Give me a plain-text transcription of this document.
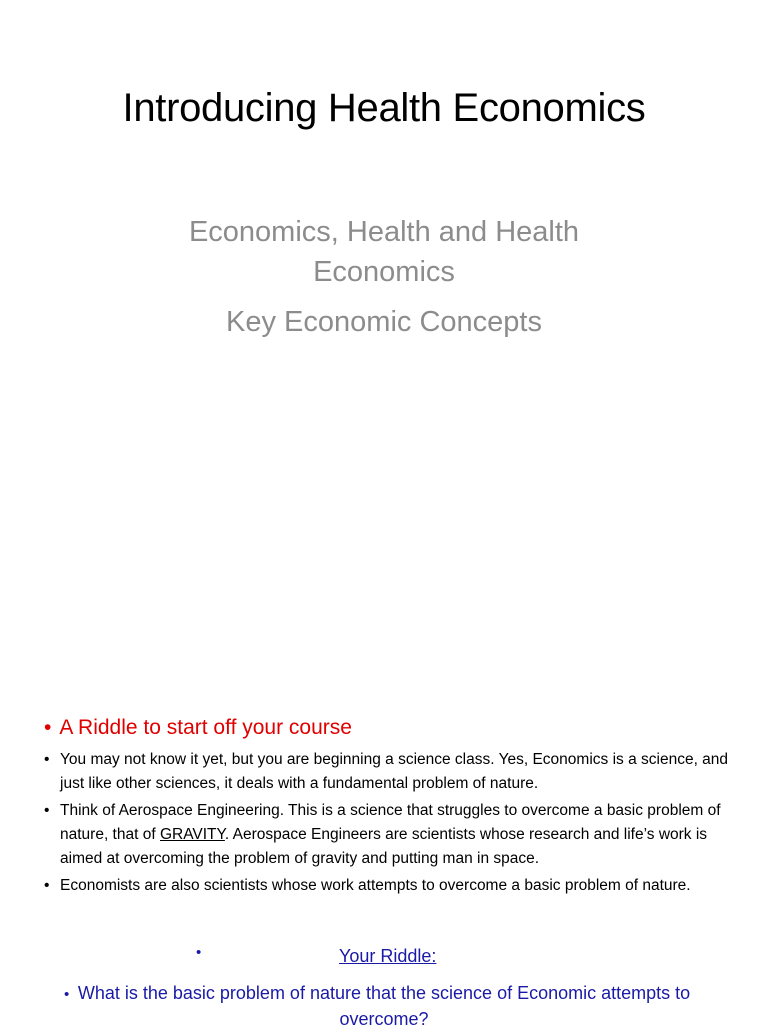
Introducing Health Economics
Economics, Health and Health
Economics
Key Economic Concepts
• A Riddle to start off your course
• You may not know it yet, but you are beginning a science class. Yes, Economics is a science, and just like other sciences, it deals with a fundamental problem of nature.
• Think of Aerospace Engineering. This is a science that struggles to overcome a basic problem of nature, that of GRAVITY. Aerospace Engineers are scientists whose research and life’s work is aimed at overcoming the problem of gravity and putting man in space.
• Economists are also scientists whose work attempts to overcome a basic problem of nature.
•	Your Riddle:
• What is the basic problem of nature that the science of Economic attempts to overcome?
